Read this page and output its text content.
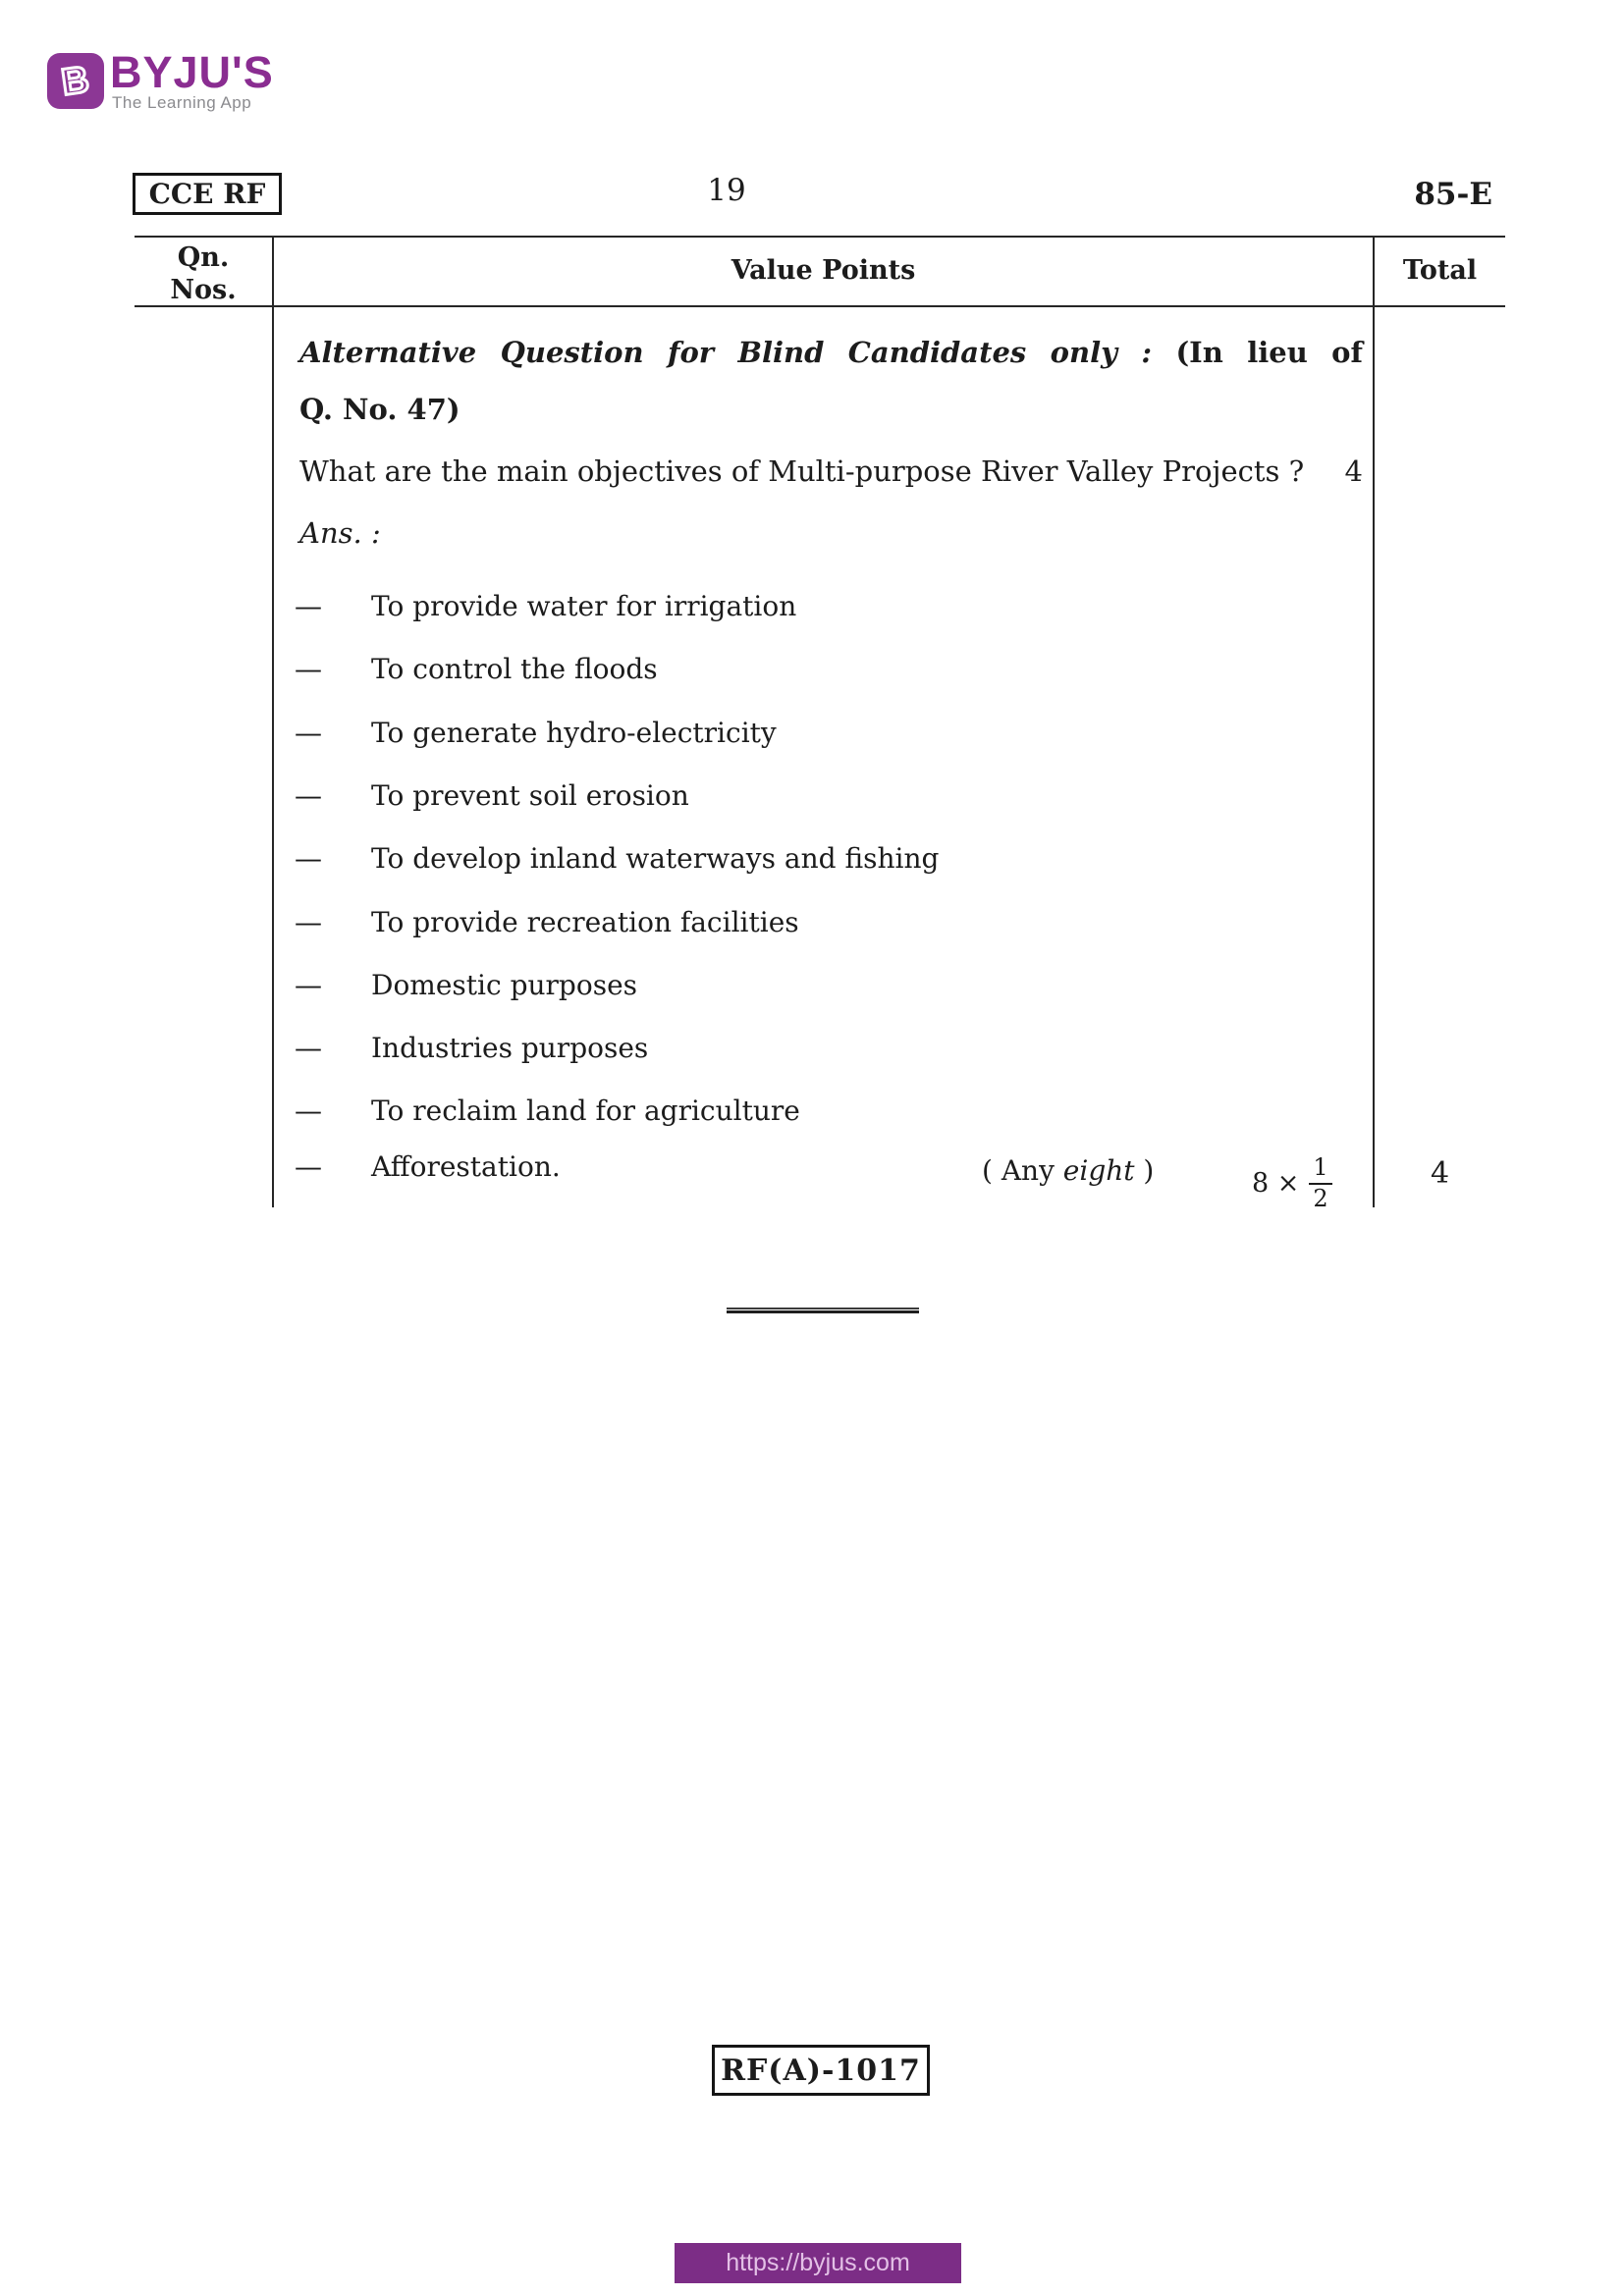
B BYJU'S
The Learning App
CCE RF	19	85-E
Qn.
Nos.
Value Points	Total
Alternative Question for Blind Candidates only : (In lieu of
Q. No. 47)
What are the main objectives of Multi-purpose River Valley Projects ? 4
Ans. :
—	To provide water for irrigation
—	To control the floods
—	To generate hydro-electricity
—	To prevent soil erosion
—	To develop inland waterways and fishing
—	To provide recreation facilities
—	Domestic purposes
—	Industries purposes
—	To reclaim land for agriculture
— Afforestation.	( Any eight )	$8 \times \frac{1}{2}$	4
RF(A)-1017
https://byjus.com
